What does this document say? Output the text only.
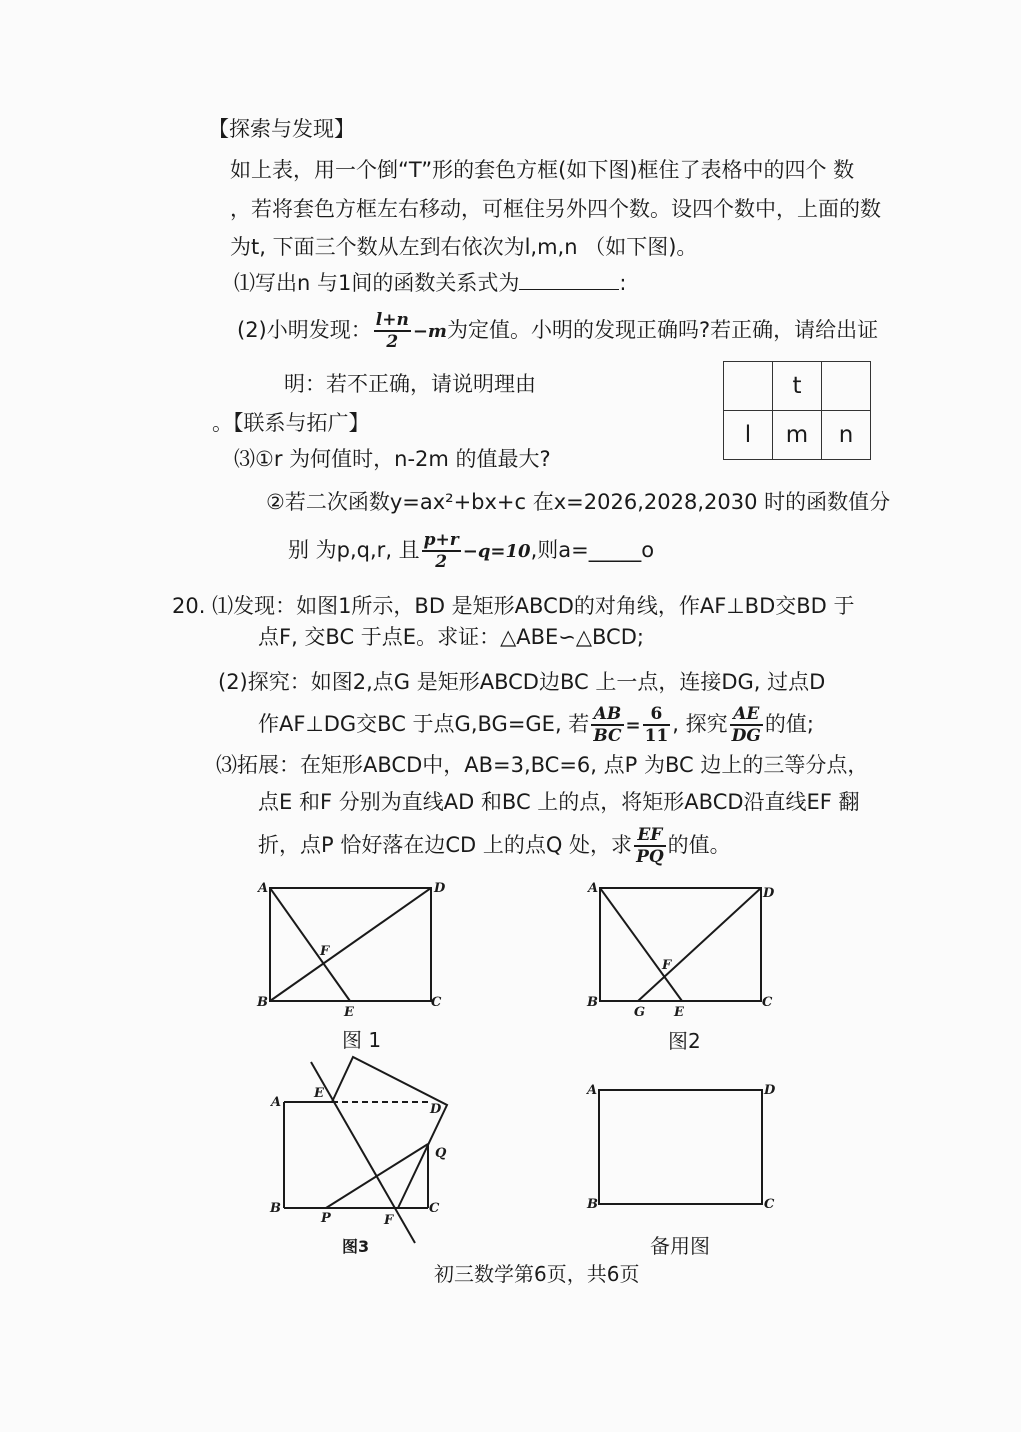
【探索与发现】
如上表，用一个倒“T”形的套色方框(如下图)框住了表格中的四个 数
，若将套色方框左右移动，可框住另外四个数。设四个数中，上面的数
为t, 下面三个数从左到右依次为l,m,n （如下图)。
⑴写出n 与1间的函数关系式为	:
(2)小明发现： $\frac{l+n}{2} -m$为定值。小明的发现正确吗?若正确，请给出证
明：若不正确，请说明理由
。【联系与拓广】
⑶①r 为何值时，n-2m 的值最大?
②若二次函数y=ax²+bx+c 在x=2026,2028,2030 时的函数值分
别 为p,q,r, 且 $\frac{p+r}{2} -q=10$,则a=_____o
	t	
l	m	n
20. ⑴发现：如图1所示，BD 是矩形ABCD的对角线，作AF⊥BD交BD 于
点F, 交BC 于点E。求证：△ABE∽△BCD;
(2)探究：如图2,点G 是矩形ABCD边BC 上一点，连接DG, 过点D
作AF⊥DG交BC 于点G,BG=GE, 若 $\frac{AB}{BC} = \frac{6}{11}$ , 探究 $\frac{AE}{DG}$ 的值;
⑶拓展：在矩形ABCD中，AB=3,BC=6, 点P 为BC 边上的三等分点，
点E 和F 分别为直线AD 和BC 上的点，将矩形ABCD沿直线EF 翻
折，点P 恰好落在边CD 上的点Q 处，求 $\frac{EF}{PQ}$ 的值。
A	D
B	C
E
F
A	D
B	C
G E
F
A
E
D
Q
B
P	F
C
A	D
B	C
图 1	图2
图3	备用图
初三数学第6页，共6页
